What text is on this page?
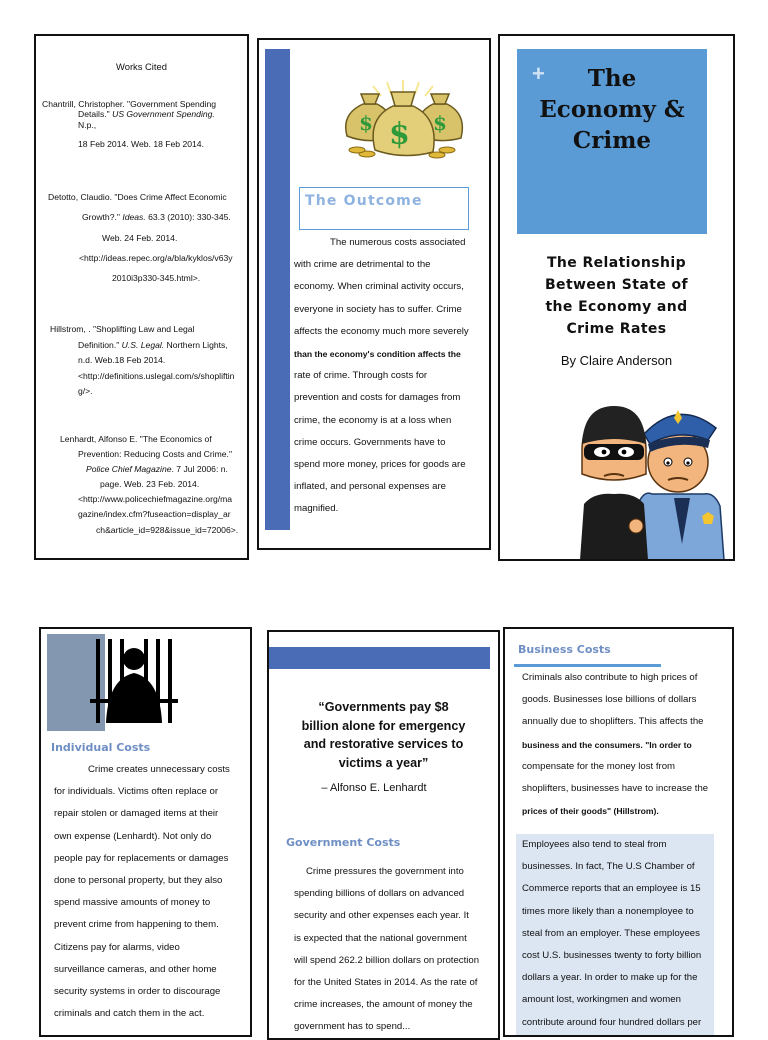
Works Cited

Chantrill, Christopher. "Government Spending

Details." US Government Spending.

N.p.,

18 Feb 2014. Web. 18 Feb 2014.

Detotto, Claudio. "Does Crime Affect Economic

Growth?." Ideas. 63.3 (2010): 330-345.

Web. 24 Feb. 2014.

<http://ideas.repec.org/a/bla/kyklos/v63y

2010i3p330-345.html>.

Hillstrom, . "Shoplifting Law and Legal

Definition." U.S. Legal. Northern Lights,

n.d. Web.18 Feb 2014.

<http://definitions.uslegal.com/s/shopliftin

g/>.

Lenhardt, Alfonso E. "The Economics of

Prevention: Reducing Costs and Crime."

Police Chief Magazine. 7 Jul 2006: n.

page. Web. 23 Feb. 2014.

<http://www.policechiefmagazine.org/ma

gazine/index.cfm?fuseaction=display_ar

ch&article_id=928&issue_id=72006>.

$	$
$
The Outcome
The numerous costs associated
with crime are detrimental to the
economy. When criminal activity occurs,
everyone in society has to suffer. Crime
affects the economy much more severely
than the economy's condition affects the
rate of crime. Through costs for
prevention and costs for damages from
crime, the economy is at a loss when
crime occurs. Governments have to
spend more money, prices for goods are
inflated, and personal expenses are
magnified.
+	The
Economy &
Crime
The Relationship
Between State of
the Economy and
Crime Rates
By Claire Anderson
Individual Costs
Crime creates unnecessary costs
for individuals. Victims often replace or
repair stolen or damaged items at their
own expense (Lenhardt). Not only do
people pay for replacements or damages
done to personal property, but they also
spend massive amounts of money to
prevent crime from happening to them.
Citizens pay for alarms, video
surveillance cameras, and other home
security systems in order to discourage
criminals and catch them in the act.
“Governments pay $8
billion alone for emergency
and restorative services to
victims a year”
– Alfonso E. Lenhardt
Government Costs
Crime pressures the government into
spending billions of dollars on advanced
security and other expenses each year. It
is expected that the national government
will spend 262.2 billion dollars on protection
for the United States in 2014. As the rate of
crime increases, the amount of money the
government has to spend...
Business Costs
Criminals also contribute to high prices of
goods. Businesses lose billions of dollars
annually due to shoplifters. This affects the
business and the consumers. "In order to
compensate for the money lost from
shoplifters, businesses have to increase the
prices of their goods" (Hillstrom).
Employees also tend to steal from
businesses. In fact, The U.S Chamber of
Commerce reports that an employee is 15
times more likely than a nonemployee to
steal from an employer. These employees
cost U.S. businesses twenty to forty billion
dollars a year. In order to make up for the
amount lost, workingmen and women
contribute around four hundred dollars per
